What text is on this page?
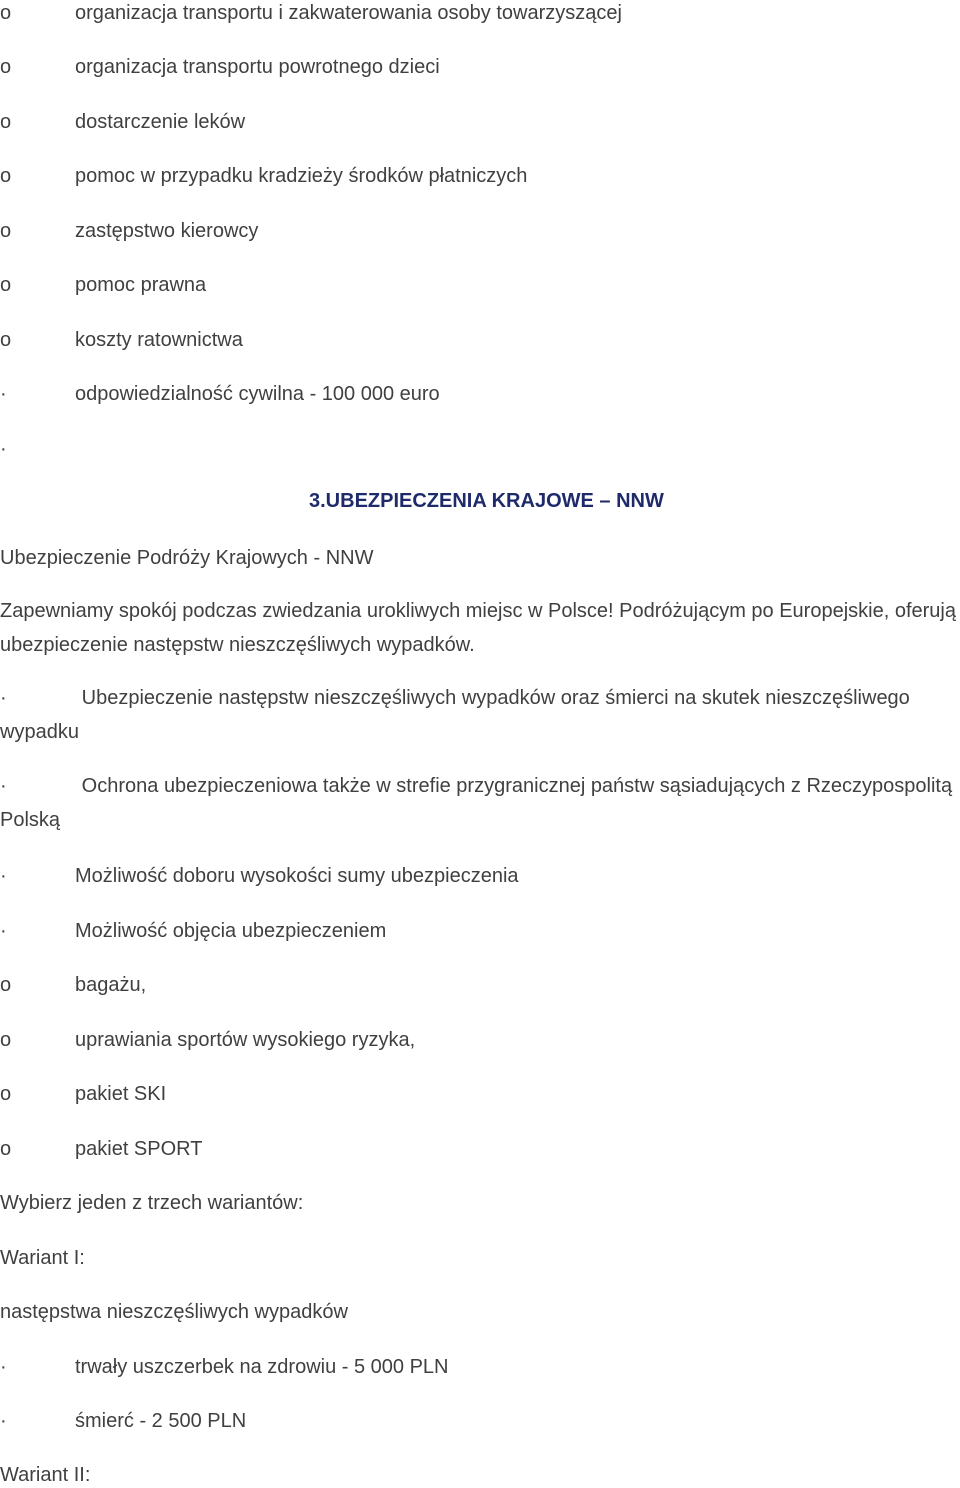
o	organizacja transportu i zakwaterowania osoby towarzyszącej
o	organizacja transportu powrotnego dzieci
o	dostarczenie leków
o	pomoc w przypadku kradzieży środków płatniczych
o	zastępstwo kierowcy
o	pomoc prawna
o	koszty ratownictwa
·	odpowiedzialność cywilna - 100 000 euro
·
3.UBEZPIECZENIA KRAJOWE – NNW
Ubezpieczenie Podróży Krajowych - NNW
Zapewniamy spokój podczas zwiedzania urokliwych miejsc w Polsce! Podróżującym po Europejskie, oferują ubezpieczenie następstw nieszczęśliwych wypadków.
·	Ubezpieczenie następstw nieszczęśliwych wypadków oraz śmierci na skutek nieszczęśliwego wypadku
·	Ochrona ubezpieczeniowa także w strefie przygranicznej państw sąsiadujących z Rzeczypospolitą Polską
·	Możliwość doboru wysokości sumy ubezpieczenia
·	Możliwość objęcia ubezpieczeniem
o	bagażu,
o	uprawiania sportów wysokiego ryzyka,
o	pakiet SKI
o	pakiet SPORT
Wybierz jeden z trzech wariantów:
Wariant I:
następstwa nieszczęśliwych wypadków
·	trwały uszczerbek na zdrowiu - 5 000 PLN
·	śmierć - 2 500 PLN
Wariant II:
